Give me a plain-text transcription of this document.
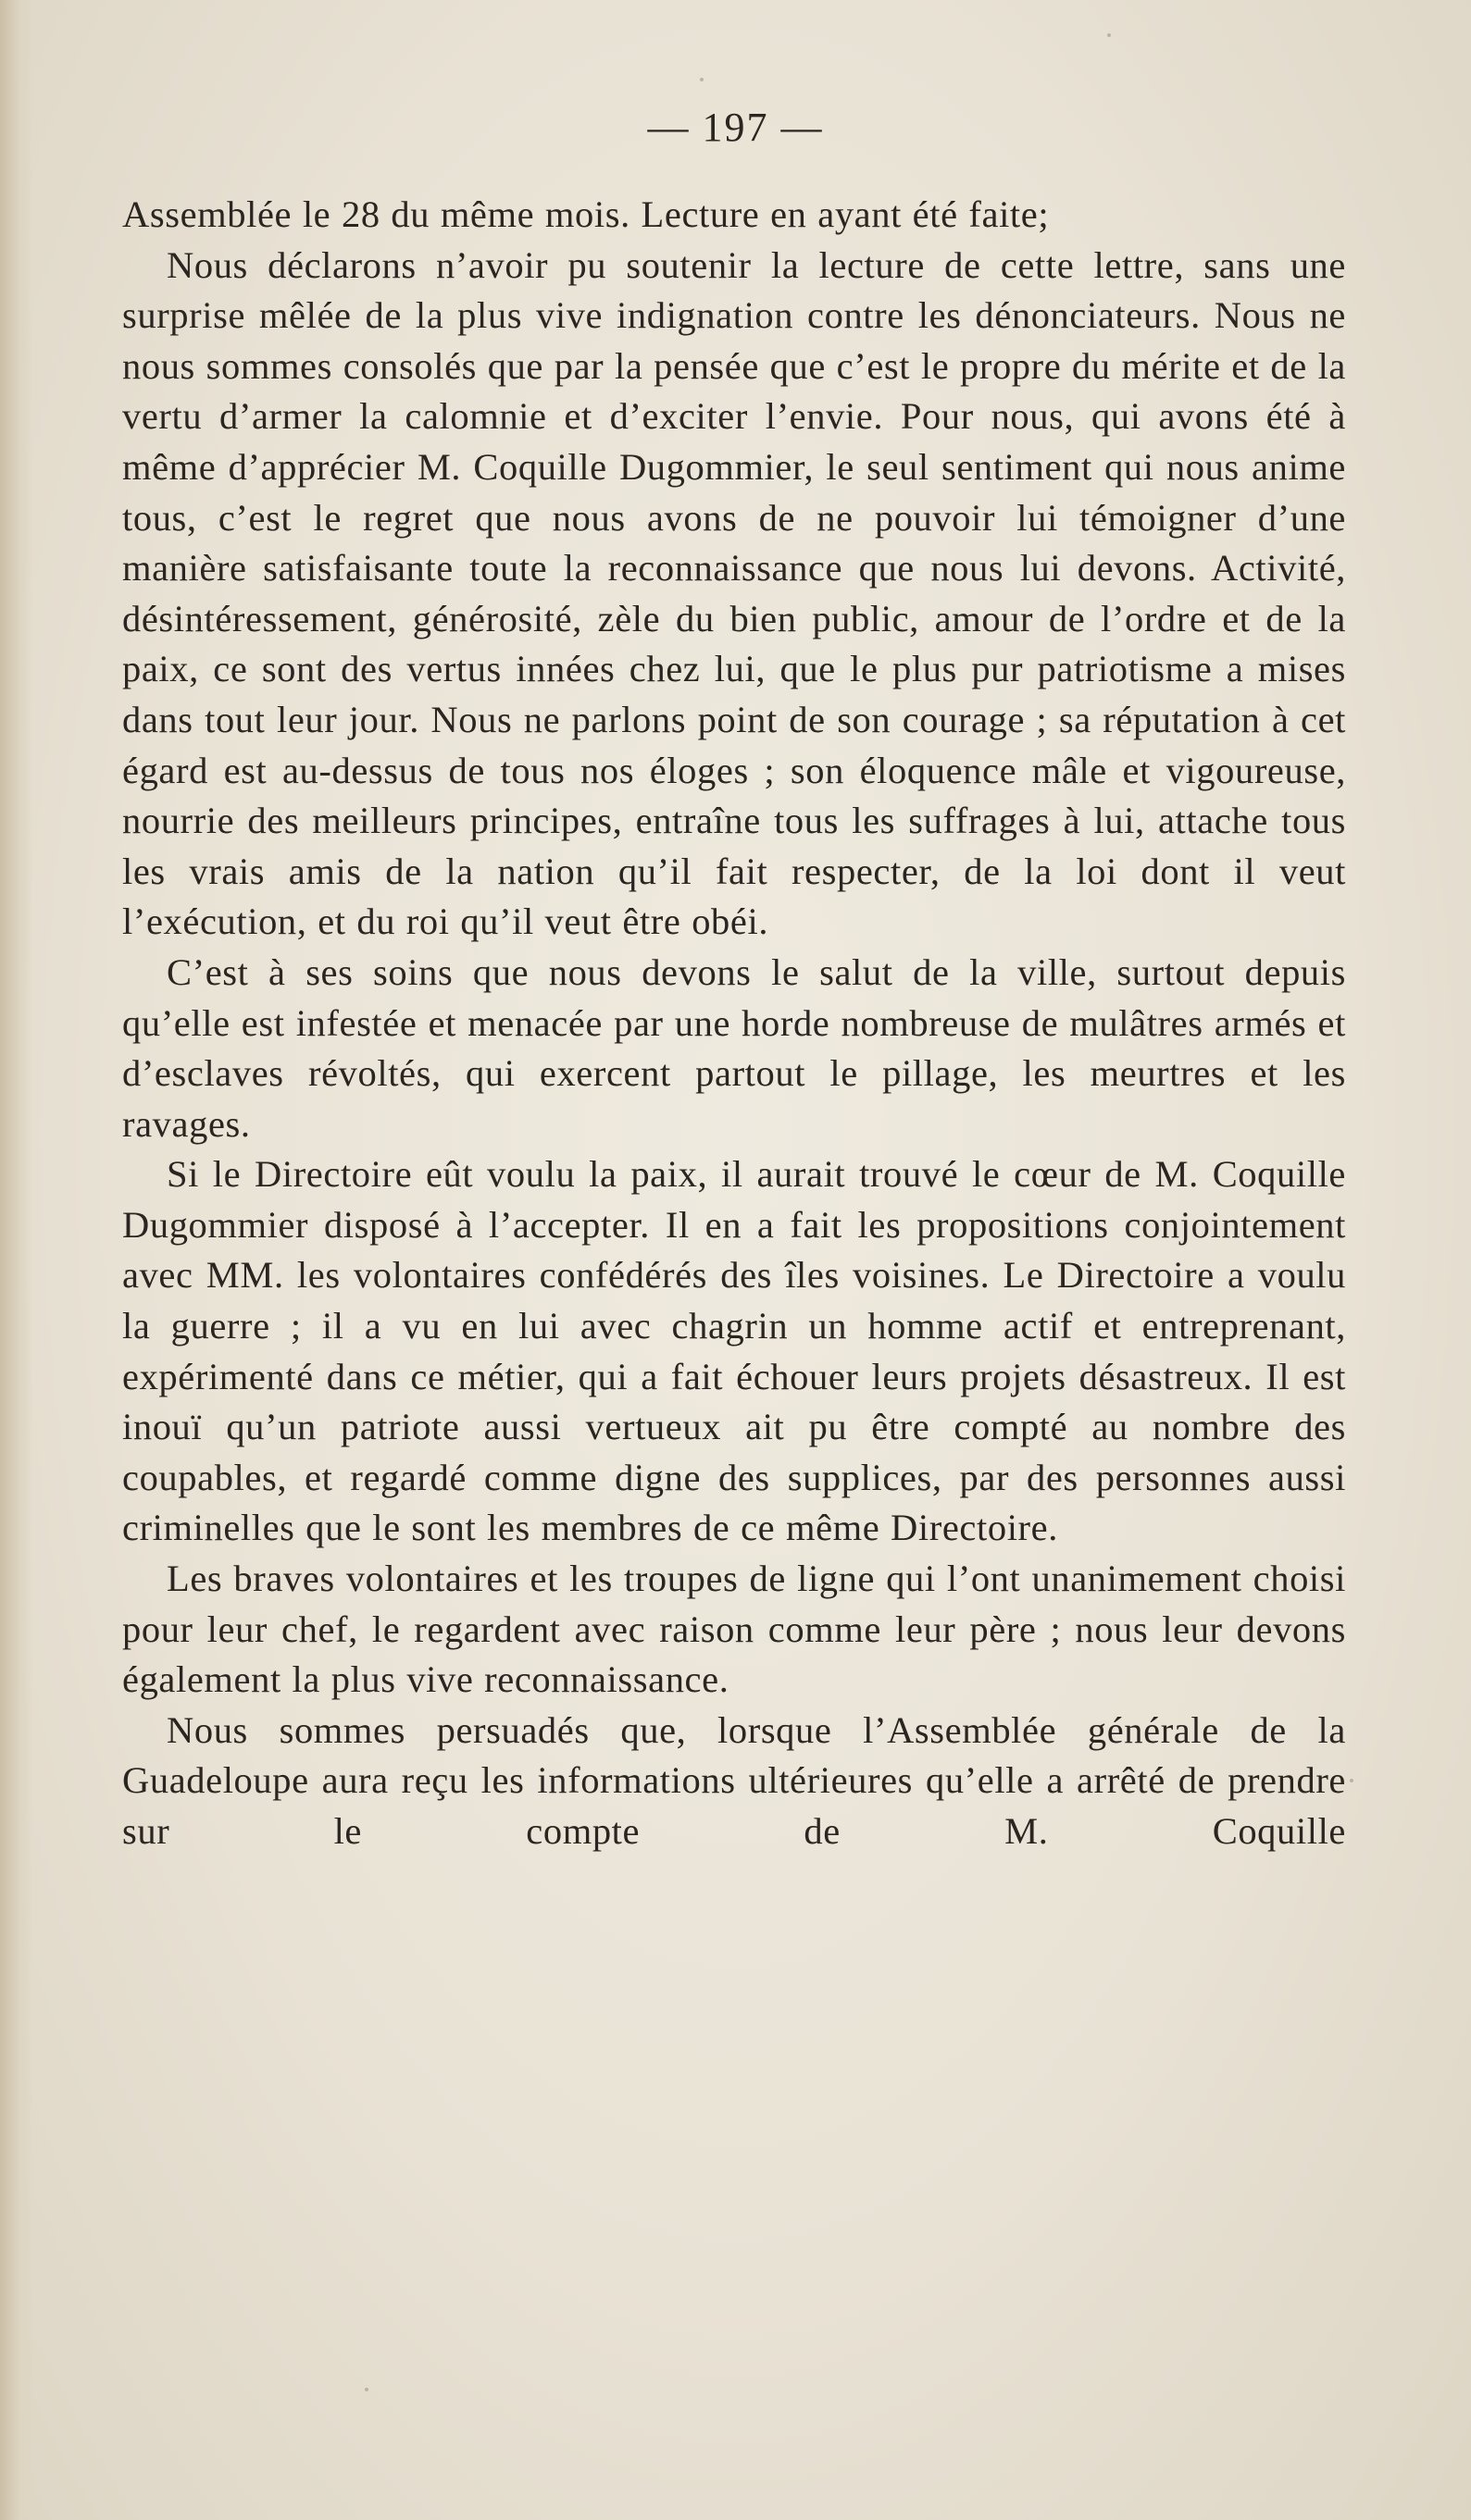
— 197 —

Assemblée le 28 du même mois. Lecture en ayant été faite;

Nous déclarons n’avoir pu soutenir la lecture de cette lettre, sans une surprise mêlée de la plus vive indignation contre les dénonciateurs. Nous ne nous sommes consolés que par la pensée que c’est le propre du mérite et de la vertu d’armer la calomnie et d’exciter l’envie. Pour nous, qui avons été à même d’apprécier M. Coquille Dugommier, le seul sentiment qui nous anime tous, c’est le regret que nous avons de ne pouvoir lui témoigner d’une manière satisfaisante toute la reconnaissance que nous lui devons. Activité, désintéressement, générosité, zèle du bien public, amour de l’ordre et de la paix, ce sont des vertus innées chez lui, que le plus pur patriotisme a mises dans tout leur jour. Nous ne parlons point de son courage ; sa réputation à cet égard est au-dessus de tous nos éloges ; son éloquence mâle et vigoureuse, nourrie des meilleurs principes, entraîne tous les suffrages à lui, attache tous les vrais amis de la nation qu’il fait respecter, de la loi dont il veut l’exécution, et du roi qu’il veut être obéi.

C’est à ses soins que nous devons le salut de la ville, surtout depuis qu’elle est infestée et menacée par une horde nombreuse de mulâtres armés et d’esclaves révoltés, qui exercent partout le pillage, les meurtres et les ravages.

Si le Directoire eût voulu la paix, il aurait trouvé le cœur de M. Coquille Dugommier disposé à l’accepter. Il en a fait les propositions conjointement avec MM. les volontaires confédérés des îles voisines. Le Directoire a voulu la guerre ; il a vu en lui avec chagrin un homme actif et entreprenant, expérimenté dans ce métier, qui a fait échouer leurs projets désastreux. Il est inouï qu’un patriote aussi vertueux ait pu être compté au nombre des coupables, et regardé comme digne des supplices, par des personnes aussi criminelles que le sont les membres de ce même Directoire.

Les braves volontaires et les troupes de ligne qui l’ont unanimement choisi pour leur chef, le regardent avec raison comme leur père ; nous leur devons également la plus vive reconnaissance.

Nous sommes persuadés que, lorsque l’Assemblée générale de la Guadeloupe aura reçu les informations ultérieures qu’elle a arrêté de prendre sur le compte de M. Coquille
